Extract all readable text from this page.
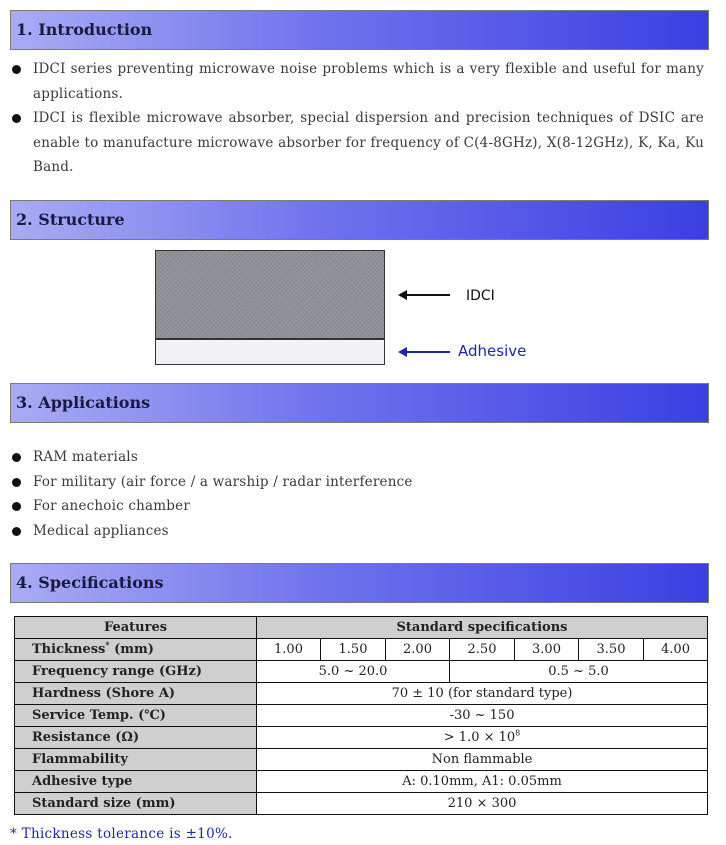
1. Introduction
IDCI series preventing microwave noise problems which is a very flexible and useful for many applications.
IDCI is flexible microwave absorber, special dispersion and precision techniques of DSIC are enable to manufacture microwave absorber for frequency of C(4-8GHz), X(8-12GHz), K, Ka, Ku Band.
2. Structure
IDCI
Adhesive
3. Applications
RAM materials
For military (air force / a warship / radar interference
For anechoic chamber
Medical appliances
4. Specifications
Features	Standard specifications						
Thickness* (mm)	1.00	1.50	2.00	2.50	3.00	3.50	4.00
Frequency range (GHz)	5.0 ~ 20.0			0.5 ~ 5.0			
Hardness (Shore A)	70 ± 10 (for standard type)						
Service Temp. (℃)	-30 ~ 150						
Resistance (Ω)	> $1.0 \times 10^8$
Flammability	Non flammable						
Adhesive type	A: 0.10mm, A1: 0.05mm						
Standard size (mm)	210 × 300						
* Thickness tolerance is ±10%.
